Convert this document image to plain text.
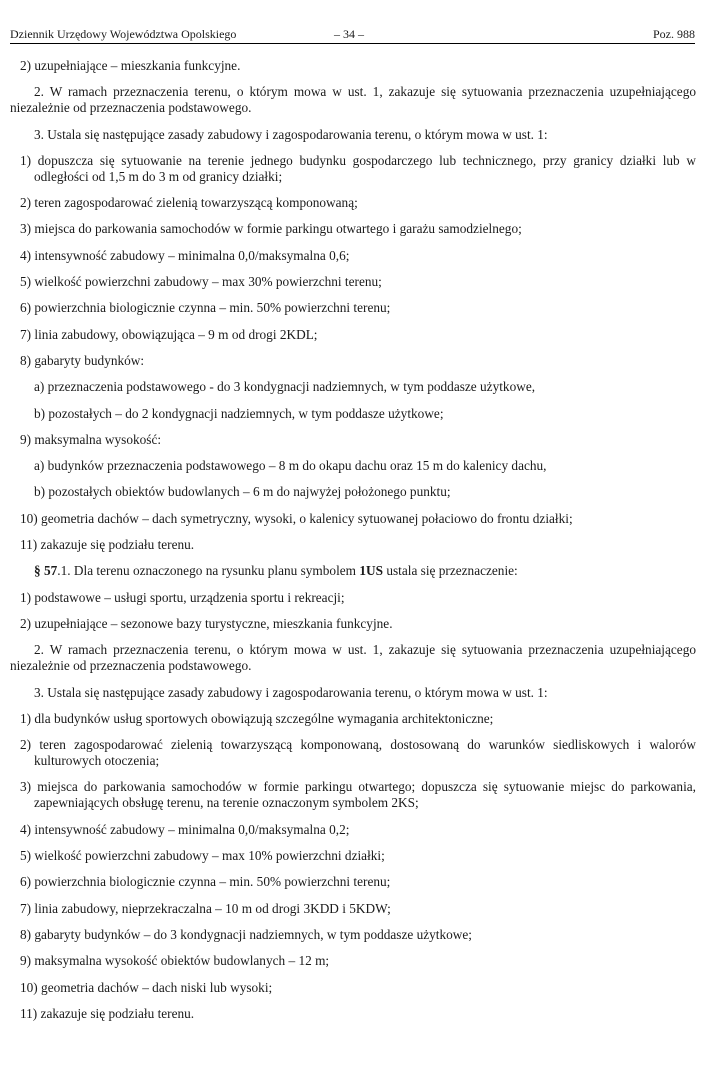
Dziennik Urzędowy Województwa Opolskiego	– 34 –	Poz. 988

2) uzupełniające – mieszkania funkcyjne.

2. W ramach przeznaczenia terenu, o którym mowa w ust. 1, zakazuje się sytuowania przeznaczenia uzupełniającego niezależnie od przeznaczenia podstawowego.

3. Ustala się następujące zasady zabudowy i zagospodarowania terenu, o którym mowa w ust. 1:

1) dopuszcza się sytuowanie na terenie jednego budynku gospodarczego lub technicznego, przy granicy działki lub w odległości od 1,5 m do 3 m od granicy działki;

2) teren zagospodarować zielenią towarzyszącą komponowaną;

3) miejsca do parkowania samochodów w formie parkingu otwartego i garażu samodzielnego;

4) intensywność zabudowy – minimalna 0,0/maksymalna 0,6;

5) wielkość powierzchni zabudowy – max 30% powierzchni terenu;

6) powierzchnia biologicznie czynna – min. 50% powierzchni terenu;

7) linia zabudowy, obowiązująca – 9 m od drogi 2KDL;

8) gabaryty budynków:

a) przeznaczenia podstawowego - do 3 kondygnacji nadziemnych, w tym poddasze użytkowe,

b) pozostałych – do 2 kondygnacji nadziemnych, w tym poddasze użytkowe;

9) maksymalna wysokość:

a) budynków przeznaczenia podstawowego – 8 m do okapu dachu oraz 15 m do kalenicy dachu,

b) pozostałych obiektów budowlanych – 6 m do najwyżej położonego punktu;

10) geometria dachów – dach symetryczny, wysoki, o kalenicy sytuowanej połaciowo do frontu działki;

11) zakazuje się podziału terenu.

§ 57.1. Dla terenu oznaczonego na rysunku planu symbolem 1US ustala się przeznaczenie:

1) podstawowe – usługi sportu, urządzenia sportu i rekreacji;

2) uzupełniające – sezonowe bazy turystyczne, mieszkania funkcyjne.

2. W ramach przeznaczenia terenu, o którym mowa w ust. 1, zakazuje się sytuowania przeznaczenia uzupełniającego niezależnie od przeznaczenia podstawowego.

3. Ustala się następujące zasady zabudowy i zagospodarowania terenu, o którym mowa w ust. 1:

1) dla budynków usług sportowych obowiązują szczególne wymagania architektoniczne;

2) teren zagospodarować zielenią towarzyszącą komponowaną, dostosowaną do warunków siedliskowych i walorów kulturowych otoczenia;

3) miejsca do parkowania samochodów w formie parkingu otwartego; dopuszcza się sytuowanie miejsc do parkowania, zapewniających obsługę terenu, na terenie oznaczonym symbolem 2KS;

4) intensywność zabudowy – minimalna 0,0/maksymalna 0,2;

5) wielkość powierzchni zabudowy – max 10% powierzchni działki;

6) powierzchnia biologicznie czynna – min. 50% powierzchni terenu;

7) linia zabudowy, nieprzekraczalna – 10 m od drogi 3KDD i 5KDW;

8) gabaryty budynków – do 3 kondygnacji nadziemnych, w tym poddasze użytkowe;

9) maksymalna wysokość obiektów budowlanych – 12 m;

10) geometria dachów – dach niski lub wysoki;

11) zakazuje się podziału terenu.
